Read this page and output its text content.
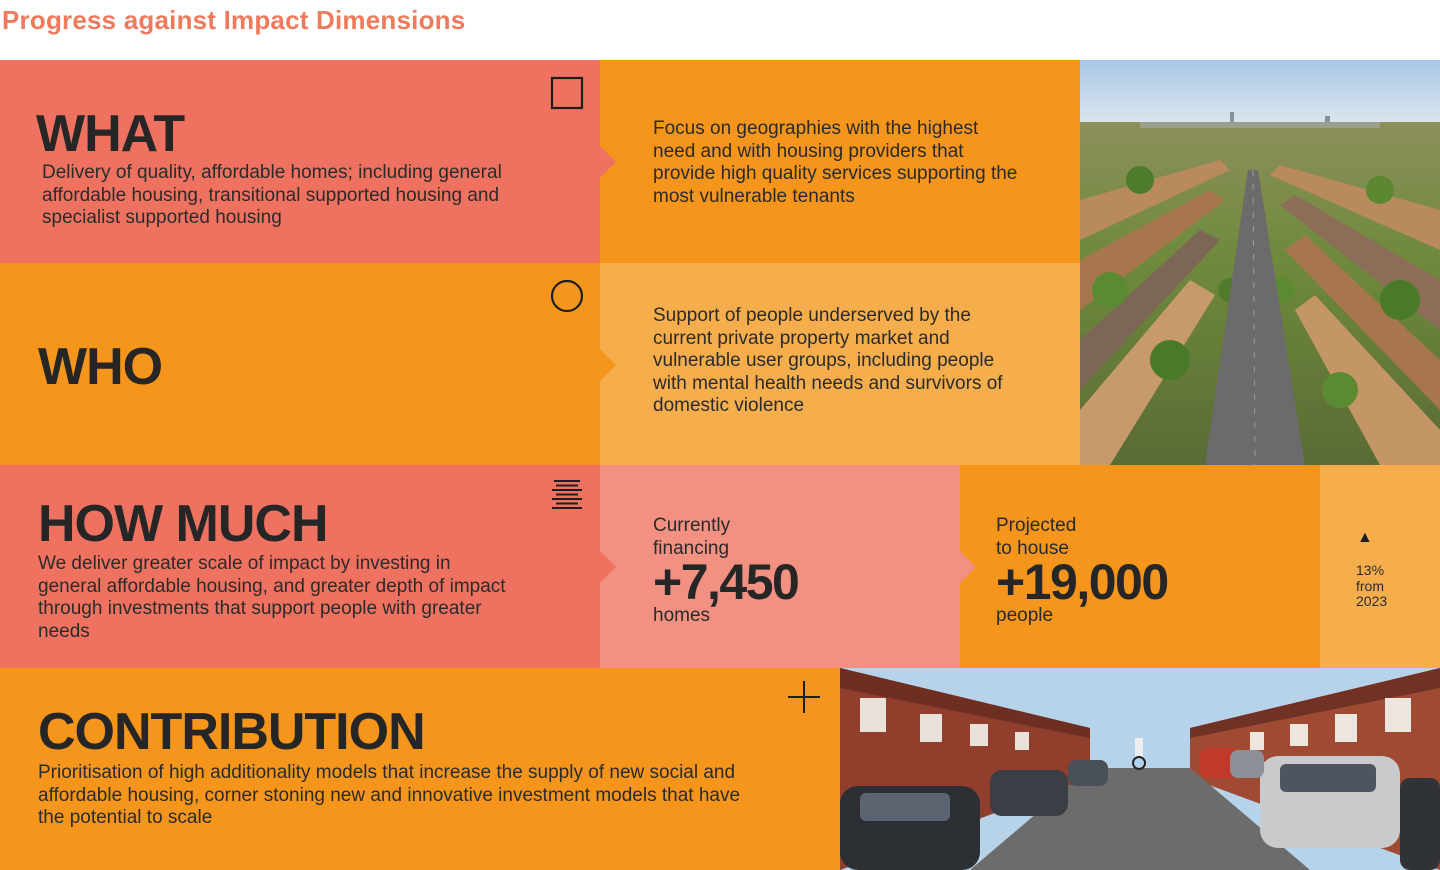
Progress against Impact Dimensions
WHAT

Delivery of quality, affordable homes; including general affordable housing, transitional supported housing and specialist supported housing

Focus on geographies with the highest need and with housing providers that provide high quality services supporting the most vulnerable tenants

WHO

Support of people underserved by the current private property market and vulnerable user groups, including people with mental health needs and survivors of domestic violence

HOW MUCH

We deliver greater scale of impact by investing in general affordable housing, and greater depth of impact through investments that support people with greater needs

Currently
financing
+7,450
homes
Projected
to house
+19,000
people
▲
13%
from
2023
CONTRIBUTION

Prioritisation of high additionality models that increase the supply of new social and affordable housing, corner stoning new and innovative investment models that have the potential to scale
